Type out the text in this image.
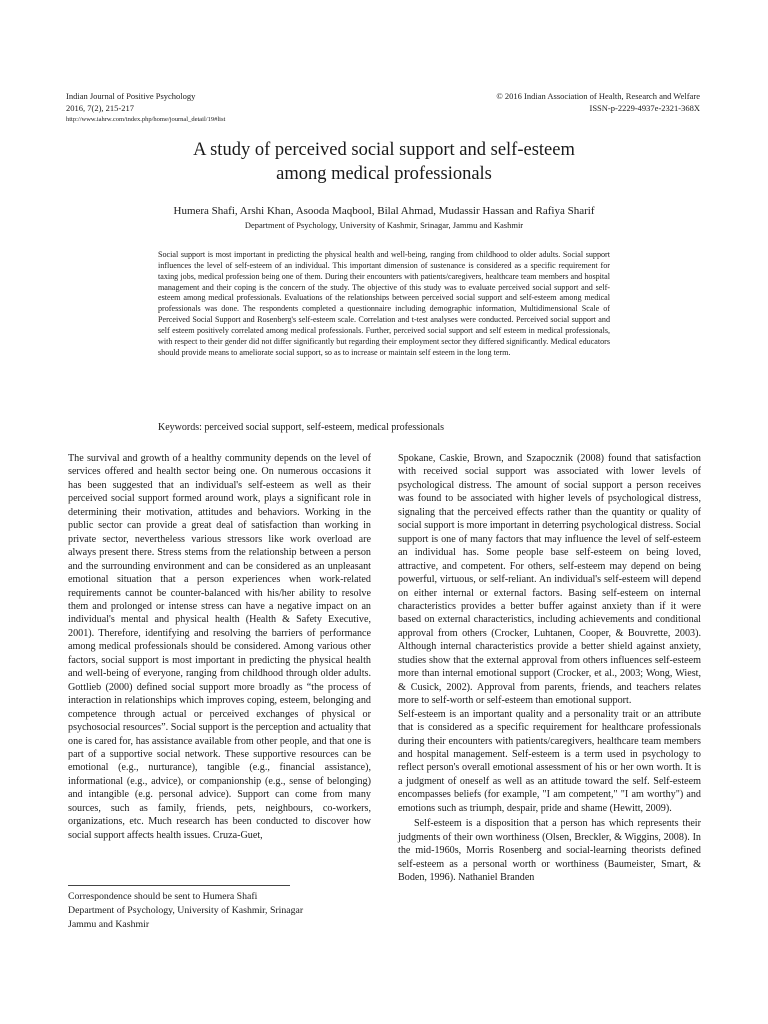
Indian Journal of Positive Psychology
2016, 7(2), 215-217
http://www.iahrw.com/index.php/home/journal_detail/19#list
© 2016 Indian Association of Health, Research and Welfare
ISSN-p-2229-4937e-2321-368X
A study of perceived social support and self-esteem
among medical professionals
Humera Shafi, Arshi Khan, Asooda Maqbool, Bilal Ahmad, Mudassir Hassan and Rafiya Sharif
Department of Psychology, University of Kashmir, Srinagar, Jammu and Kashmir

Social support is most important in predicting the physical health and well-being, ranging from childhood to older adults. Social support influences the level of self-esteem of an individual. This important dimension of sustenance is considered as a specific requirement for taxing jobs, medical profession being one of them. During their encounters with patients/caregivers, healthcare team members and hospital management and their coping is the concern of the study. The objective of this study was to evaluate perceived social support and self-esteem among medical professionals. Evaluations of the relationships between perceived social support and self-esteem among medical professionals was done. The respondents completed a questionnaire including demographic information, Multidimensional Scale of Perceived Social Support and Rosenberg's self-esteem scale. Correlation and t-test analyses were conducted. Perceived social support and self esteem positively correlated among medical professionals. Further, perceived social support and self esteem in medical professionals, with respect to their gender did not differ significantly but regarding their employment sector they differed significantly. Medical educators should provide means to ameliorate social support, so as to increase or maintain self esteem in the long term.

Keywords: perceived social support, self-esteem, medical professionals

The survival and growth of a healthy community depends on the level of services offered and health sector being one. On numerous occasions it has been suggested that an individual's self-esteem as well as their perceived social support formed around work, plays a significant role in determining their motivation, attitudes and behaviors. Working in the public sector can provide a great deal of satisfaction than working in private sector, nevertheless various stressors like work overload are always present there. Stress stems from the relationship between a person and the surrounding environment and can be considered as an unpleasant emotional situation that a person experiences when work-related requirements cannot be counter-balanced with his/her ability to resolve them and prolonged or intense stress can have a negative impact on an individual's mental and physical health (Health & Safety Executive, 2001). Therefore, identifying and resolving the barriers of performance among medical professionals should be considered. Among various other factors, social support is most important in predicting the physical health and well-being of everyone, ranging from childhood through older adults. Gottlieb (2000) defined social support more broadly as “the process of interaction in relationships which improves coping, esteem, belonging and competence through actual or perceived exchanges of physical or psychosocial resources”. Social support is the perception and actuality that one is cared for, has assistance available from other people, and that one is part of a supportive social network. These supportive resources can be emotional (e.g., nurturance), tangible (e.g., financial assistance), informational (e.g., advice), or companionship (e.g., sense of belonging) and intangible (e.g. personal advice). Support can come from many sources, such as family, friends, pets, neighbours, co-workers, organizations, etc. Much research has been conducted to discover how social support affects health issues. Cruza-Guet,

Spokane, Caskie, Brown, and Szapocznik (2008) found that satisfaction with received social support was associated with lower levels of psychological distress. The amount of social support a person receives was found to be associated with higher levels of psychological distress, signaling that the perceived effects rather than the quantity or quality of social support is more important in deterring psychological distress. Social support is one of many factors that may influence the level of self-esteem an individual has. Some people base self-esteem on being loved, attractive, and competent. For others, self-esteem may depend on being powerful, virtuous, or self-reliant. An individual's self-esteem will depend on either internal or external factors. Basing self-esteem on internal characteristics provides a better buffer against anxiety than if it were based on external characteristics, including achievements and conditional approval from others (Crocker, Luhtanen, Cooper, & Bouvrette, 2003). Although internal characteristics provide a better shield against anxiety, studies show that the external approval from others influences self-esteem more than internal emotional support (Crocker, et al., 2003; Wong, Wiest, & Cusick, 2002). Approval from parents, friends, and teachers relates more to self-worth or self-esteem than emotional support.

Self-esteem is an important quality and a personality trait or an attribute that is considered as a specific requirement for healthcare professionals during their encounters with patients/caregivers, healthcare team members and hospital management. Self-esteem is a term used in psychology to reflect person's overall emotional assessment of his or her own worth. It is a judgment of oneself as well as an attitude toward the self. Self-esteem encompasses beliefs (for example, "I am competent," "I am worthy") and emotions such as triumph, despair, pride and shame (Hewitt, 2009).

Self-esteem is a disposition that a person has which represents their judgments of their own worthiness (Olsen, Breckler, & Wiggins, 2008). In the mid-1960s, Morris Rosenberg and social-learning theorists defined self-esteem as a personal worth or worthiness (Baumeister, Smart, & Boden, 1996). Nathaniel Branden

Correspondence should be sent to Humera Shafi
Department of Psychology, University of Kashmir, Srinagar
Jammu and Kashmir
